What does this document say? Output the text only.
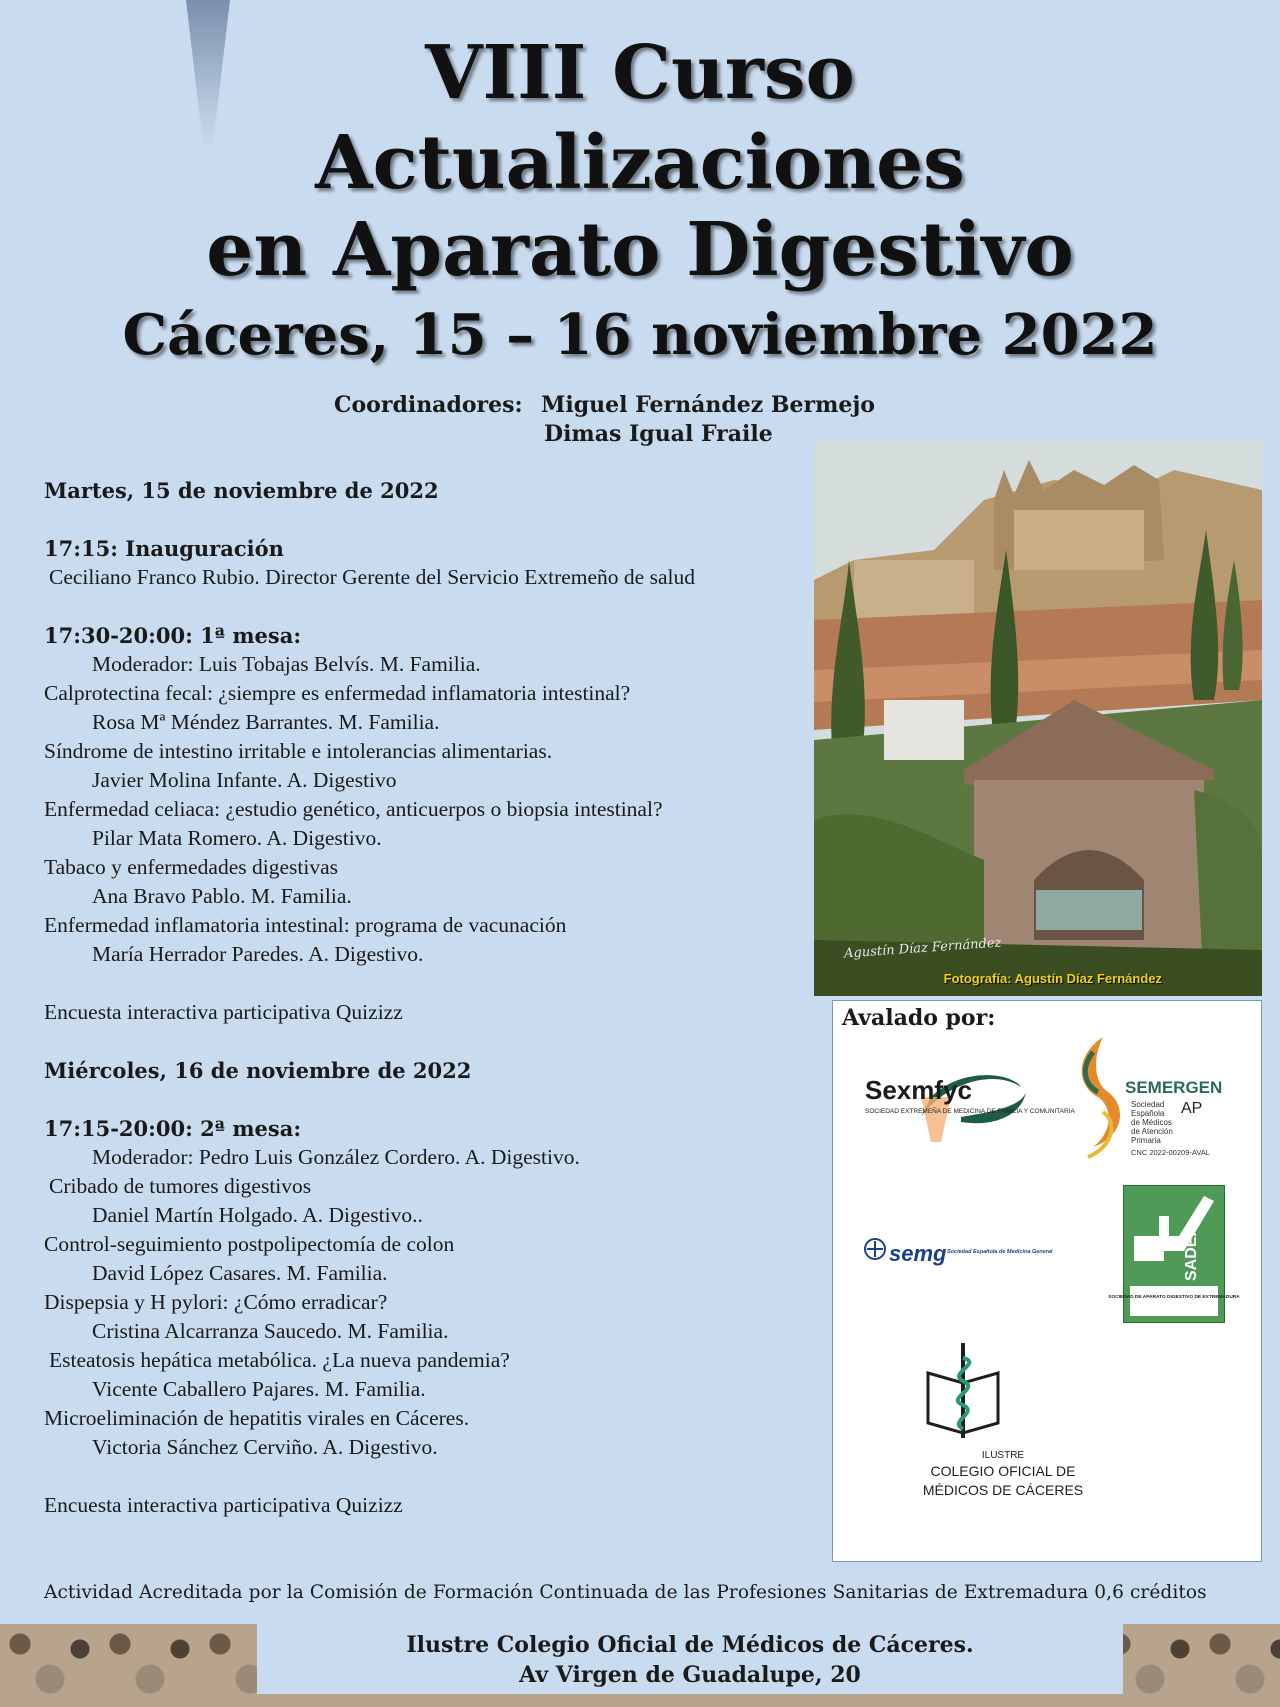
VIII Curso
Actualizaciones
en Aparato Digestivo
Cáceres, 15 – 16 noviembre 2022
Coordinadores: Miguel Fernández Bermejo
Dimas Igual Fraile
Martes, 15 de noviembre de 2022
17:15: Inauguración
Ceciliano Franco Rubio. Director Gerente del Servicio Extremeño de salud
17:30-20:00: 1ª mesa:
Moderador: Luis Tobajas Belvís. M. Familia.
Calprotectina fecal: ¿siempre es enfermedad inflamatoria intestinal?
Rosa Mª Méndez Barrantes. M. Familia.
Síndrome de intestino irritable e intolerancias alimentarias.
Javier Molina Infante. A. Digestivo
Enfermedad celiaca: ¿estudio genético, anticuerpos o biopsia intestinal?
Pilar Mata Romero. A. Digestivo.
Tabaco y enfermedades digestivas
Ana Bravo Pablo. M. Familia.
Enfermedad inflamatoria intestinal: programa de vacunación
María Herrador Paredes. A. Digestivo.
Encuesta interactiva participativa Quizizz
Miércoles, 16 de noviembre de 2022
17:15-20:00: 2ª mesa:
Moderador: Pedro Luis González Cordero. A. Digestivo.
Cribado de tumores digestivos
Daniel Martín Holgado. A. Digestivo..
Control-seguimiento postpolipectomía de colon
David López Casares. M. Familia.
Dispepsia y H pylori: ¿Cómo erradicar?
Cristina Alcarranza Saucedo. M. Familia.
Esteatosis hepática metabólica. ¿La nueva pandemia?
Vicente Caballero Pajares. M. Familia.
Microeliminación de hepatitis virales en Cáceres.
Victoria Sánchez Cerviño. A. Digestivo.
Encuesta interactiva participativa Quizizz
Agustín Díaz Fernández
Fotografía: Agustín Díaz Fernández
Avalado por:
Sexmfyc
SOCIEDAD EXTREMEÑA DE MEDICINA DE FAMILIA Y COMUNITARIA
SEMERGEN
AP
Sociedad
Española
de Médicos
de Atención
Primaria
CNC 2022-00209-AVAL
semg Sociedad Española de Medicina General	SADEX
SOCIEDAD DE APARATO DIGESTIVO DE EXTREMADURA
ILUSTRE
COLEGIO OFICIAL DE
MÉDICOS DE CÁCERES
Actividad Acreditada por la Comisión de Formación Continuada de las Profesiones Sanitarias de Extremadura 0,6 créditos
Ilustre Colegio Oficial de Médicos de Cáceres.
Av Virgen de Guadalupe, 20
